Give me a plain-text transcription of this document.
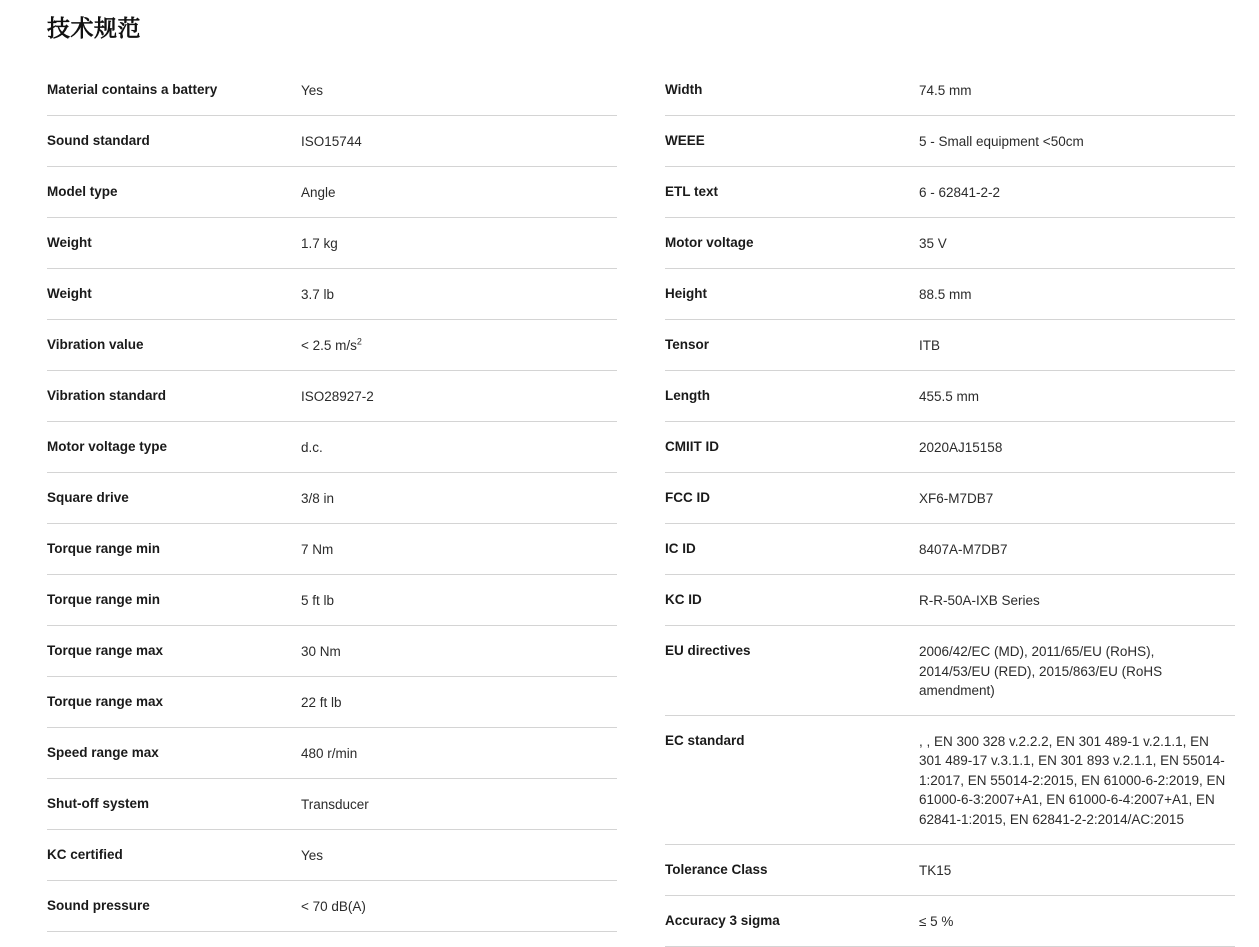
技术规范
Material contains a battery	Yes
Sound standard	ISO15744
Model type	Angle
Weight	1.7 kg
Weight	3.7 lb
Vibration value	< 2.5 $m/s^2$
Vibration standard	ISO28927-2
Motor voltage type	d.c.
Square drive	3/8 in
Torque range min	7 Nm
Torque range min	5 ft lb
Torque range max	30 Nm
Torque range max	22 ft lb
Speed range max	480 r/min
Shut-off system	Transducer
KC certified	Yes
Sound pressure	< 70 dB(A)
Width	74.5 mm
WEEE	5 - Small equipment <50cm
ETL text	6 - 62841-2-2
Motor voltage	35 V
Height	88.5 mm
Tensor	ITB
Length	455.5 mm
CMIIT ID	2020AJ15158
FCC ID	XF6-M7DB7
IC ID	8407A-M7DB7
KC ID	R-R-50A-IXB Series
EU directives	2006/42/EC (MD), 2011/65/EU (RoHS), 2014/53/EU (RED), 2015/863/EU (RoHS amendment)
EC standard	, , EN 300 328 v.2.2.2, EN 301 489-1 v.2.1.1, EN 301 489-17 v.3.1.1, EN 301 893 v.2.1.1, EN 55014-1:2017, EN 55014-2:2015, EN 61000-6-2:2019, EN 61000-6-3:2007+A1, EN 61000-6-4:2007+A1, EN 62841-1:2015, EN 62841-2-2:2014/AC:2015
Tolerance Class	TK15
Accuracy 3 sigma	≤ 5 %
